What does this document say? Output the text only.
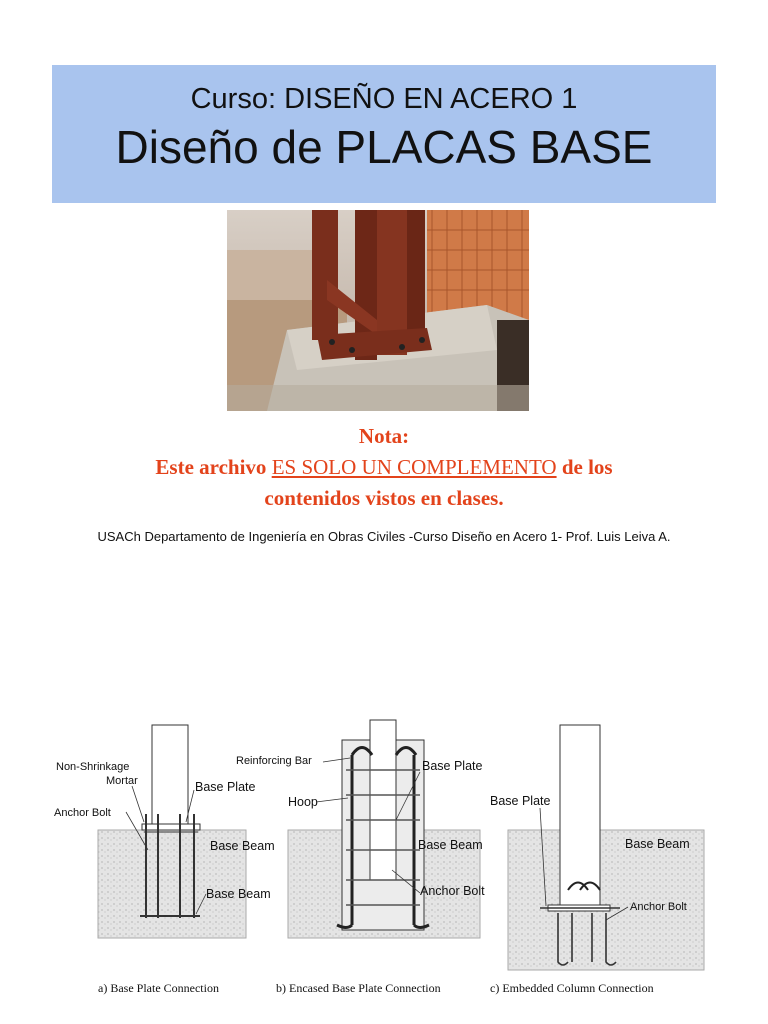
Curso: DISEÑO EN ACERO 1
Diseño de PLACAS BASE
Nota:
Este archivo ES SOLO UN COMPLEMENTO de los
contenidos vistos en clases.
USACh Departamento de Ingeniería en Obras Civiles -Curso Diseño en Acero 1- Prof. Luis Leiva A.
Non-Shrinkage
Mortar
Anchor Bolt
Base Plate
Base Beam
Base Beam
a) Base Plate Connection
Reinforcing Bar
Hoop
Base Plate
Base Beam
Anchor Bolt
b) Encased Base Plate Connection
Base Plate
Base Beam
Anchor Bolt
c) Embedded Column Connection
